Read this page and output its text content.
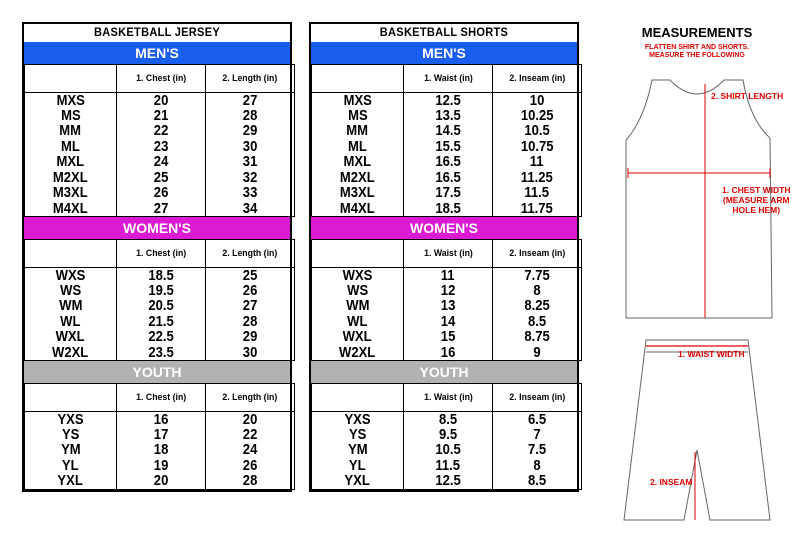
BASKETBALL JERSEY
MEN'S
	1. Chest (in)	2. Length (in)
MXS	20	27
MS	21	28
MM	22	29
ML	23	30
MXL	24	31
M2XL	25	32
M3XL	26	33
M4XL	27	34
WOMEN'S
	1. Chest (in)	2. Length (in)
WXS	18.5	25
WS	19.5	26
WM	20.5	27
WL	21.5	28
WXL	22.5	29
W2XL	23.5	30
YOUTH
	1. Chest (in)	2. Length (in)
YXS	16	20
YS	17	22
YM	18	24
YL	19	26
YXL	20	28
BASKETBALL SHORTS
MEN'S
	1. Waist (in)	2. Inseam (in)
MXS	12.5	10
MS	13.5	10.25
MM	14.5	10.5
ML	15.5	10.75
MXL	16.5	11
M2XL	16.5	11.25
M3XL	17.5	11.5
M4XL	18.5	11.75
WOMEN'S
	1. Waist (in)	2. Inseam (in)
WXS	11	7.75
WS	12	8
WM	13	8.25
WL	14	8.5
WXL	15	8.75
W2XL	16	9
YOUTH
	1. Waist (in)	2. Inseam (in)
YXS	8.5	6.5
YS	9.5	7
YM	10.5	7.5
YL	11.5	8
YXL	12.5	8.5
MEASUREMENTS
FLATTEN SHIRT AND SHORTS.
MEASURE THE FOLLOWING
2. SHIRT LENGTH
1. CHEST WIDTH
(MEASURE ARM
HOLE HEM)
1. WAIST WIDTH
2. INSEAM
